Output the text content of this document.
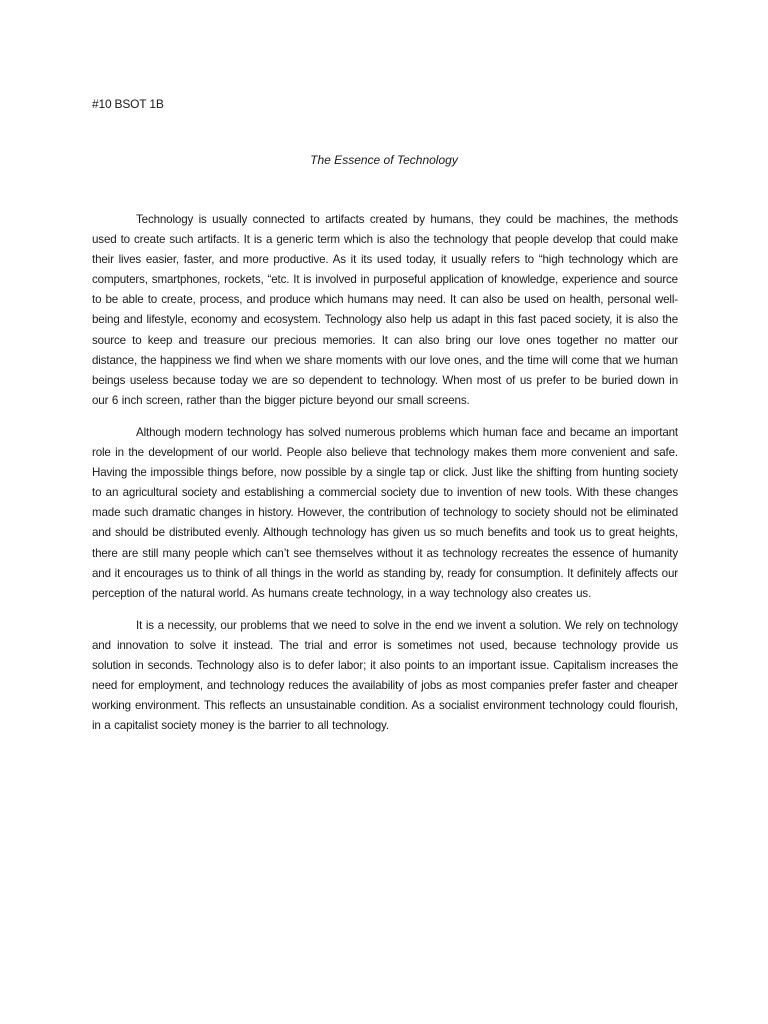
#10 BSOT 1B
The Essence of Technology

Technology is usually connected to artifacts created by humans, they could be machines, the methods used to create such artifacts. It is a generic term which is also the technology that people develop that could make their lives easier, faster, and more productive. As it its used today, it usually refers to “high technology which are computers, smartphones, rockets, “etc. It is involved in purposeful application of knowledge, experience and source to be able to create, process, and produce which humans may need. It can also be used on health, personal well-being and lifestyle, economy and ecosystem. Technology also help us adapt in this fast paced society, it is also the source to keep and treasure our precious memories. It can also bring our love ones together no matter our distance, the happiness we find when we share moments with our love ones, and the time will come that we human beings useless because today we are so dependent to technology. When most of us prefer to be buried down in our 6 inch screen, rather than the bigger picture beyond our small screens.

Although modern technology has solved numerous problems which human face and became an important role in the development of our world. People also believe that technology makes them more convenient and safe. Having the impossible things before, now possible by a single tap or click. Just like the shifting from hunting society to an agricultural society and establishing a commercial society due to invention of new tools. With these changes made such dramatic changes in history. However, the contribution of technology to society should not be eliminated and should be distributed evenly. Although technology has given us so much benefits and took us to great heights, there are still many people which can’t see themselves without it as technology recreates the essence of humanity and it encourages us to think of all things in the world as standing by, ready for consumption. It definitely affects our perception of the natural world. As humans create technology, in a way technology also creates us.

It is a necessity, our problems that we need to solve in the end we invent a solution. We rely on technology and innovation to solve it instead. The trial and error is sometimes not used, because technology provide us solution in seconds. Technology also is to defer labor; it also points to an important issue. Capitalism increases the need for employment, and technology reduces the availability of jobs as most companies prefer faster and cheaper working environment. This reflects an unsustainable condition. As a socialist environment technology could flourish, in a capitalist society money is the barrier to all technology.
